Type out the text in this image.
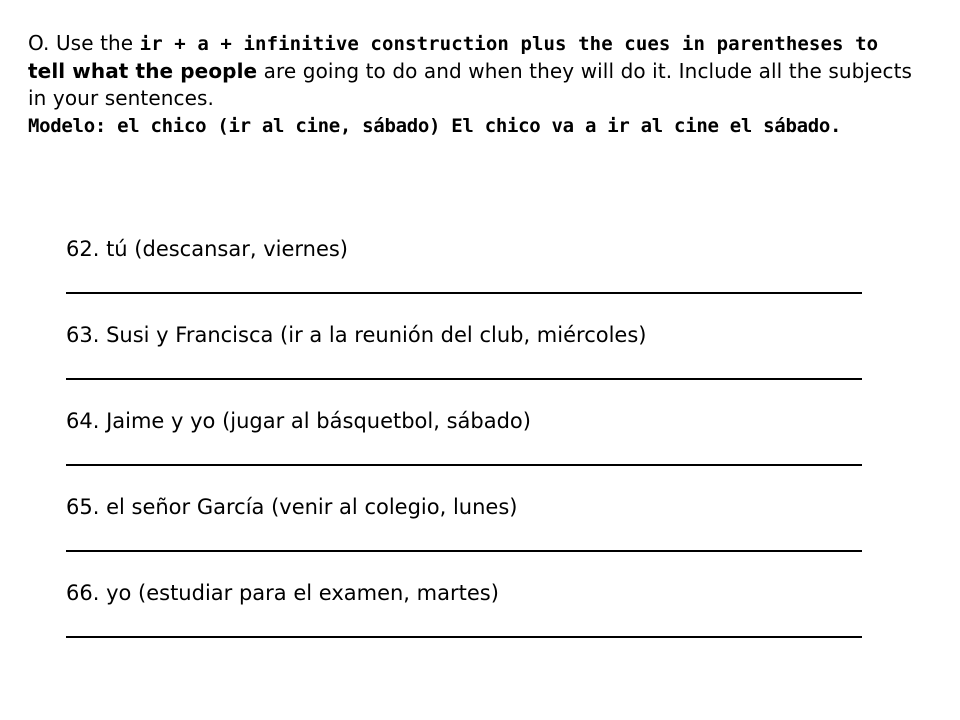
O. Use the ir + a + infinitive construction plus the cues in parentheses to
tell what the people are going to do and when they will do it. Include all the subjects in your sentences.
Modelo: el chico (ir al cine, sábado) El chico va a ir al cine el sábado.
62. tú (descansar, viernes)
63. Susi y Francisca (ir a la reunión del club, miércoles)
64. Jaime y yo (jugar al básquetbol, sábado)
65. el señor García (venir al colegio, lunes)
66. yo (estudiar para el examen, martes)
